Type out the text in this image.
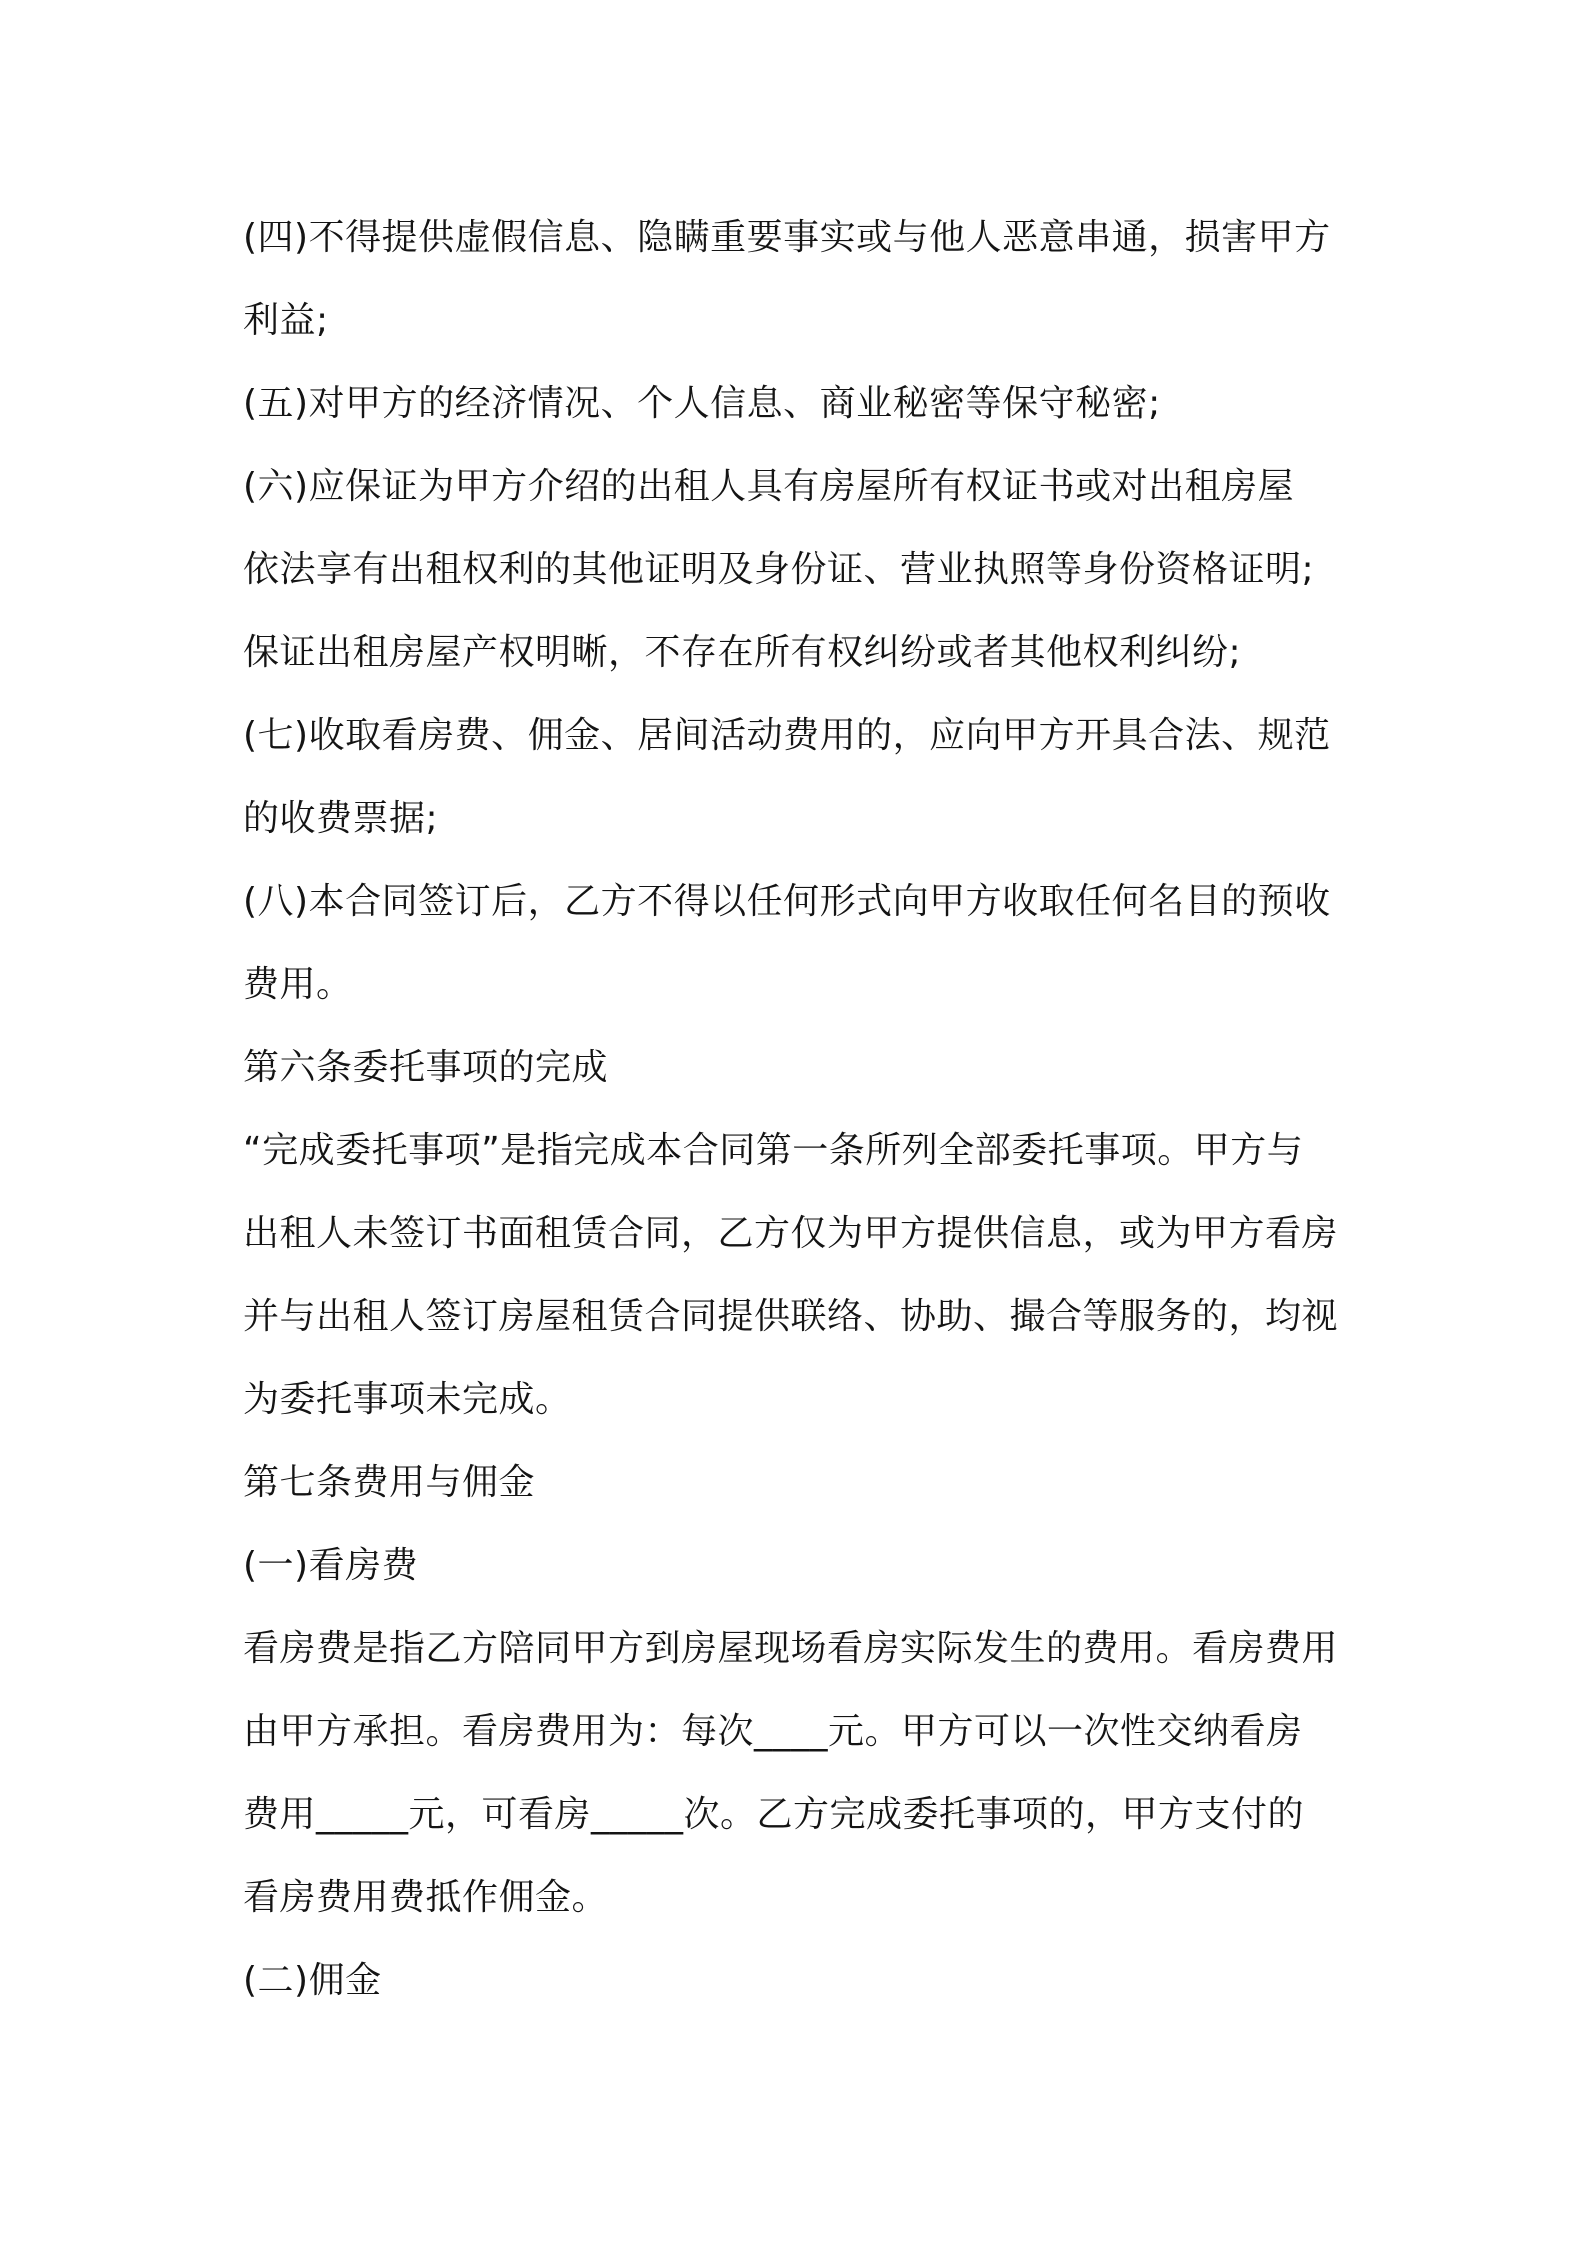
(四)不得提供虚假信息、隐瞒重要事实或与他人恶意串通，损害甲方
利益;
(五)对甲方的经济情况、个人信息、商业秘密等保守秘密;
(六)应保证为甲方介绍的出租人具有房屋所有权证书或对出租房屋
依法享有出租权利的其他证明及身份证、营业执照等身份资格证明;
保证出租房屋产权明晰，不存在所有权纠纷或者其他权利纠纷;
(七)收取看房费、佣金、居间活动费用的，应向甲方开具合法、规范
的收费票据;
(八)本合同签订后，乙方不得以任何形式向甲方收取任何名目的预收
费用。
第六条委托事项的完成
“完成委托事项”是指完成本合同第一条所列全部委托事项。甲方与
出租人未签订书面租赁合同，乙方仅为甲方提供信息，或为甲方看房
并与出租人签订房屋租赁合同提供联络、协助、撮合等服务的，均视
为委托事项未完成。
第七条费用与佣金
(一)看房费
看房费是指乙方陪同甲方到房屋现场看房实际发生的费用。看房费用
由甲方承担。看房费用为：每次____元。甲方可以一次性交纳看房
费用_____元，可看房_____次。乙方完成委托事项的，甲方支付的
看房费用费抵作佣金。
(二)佣金
